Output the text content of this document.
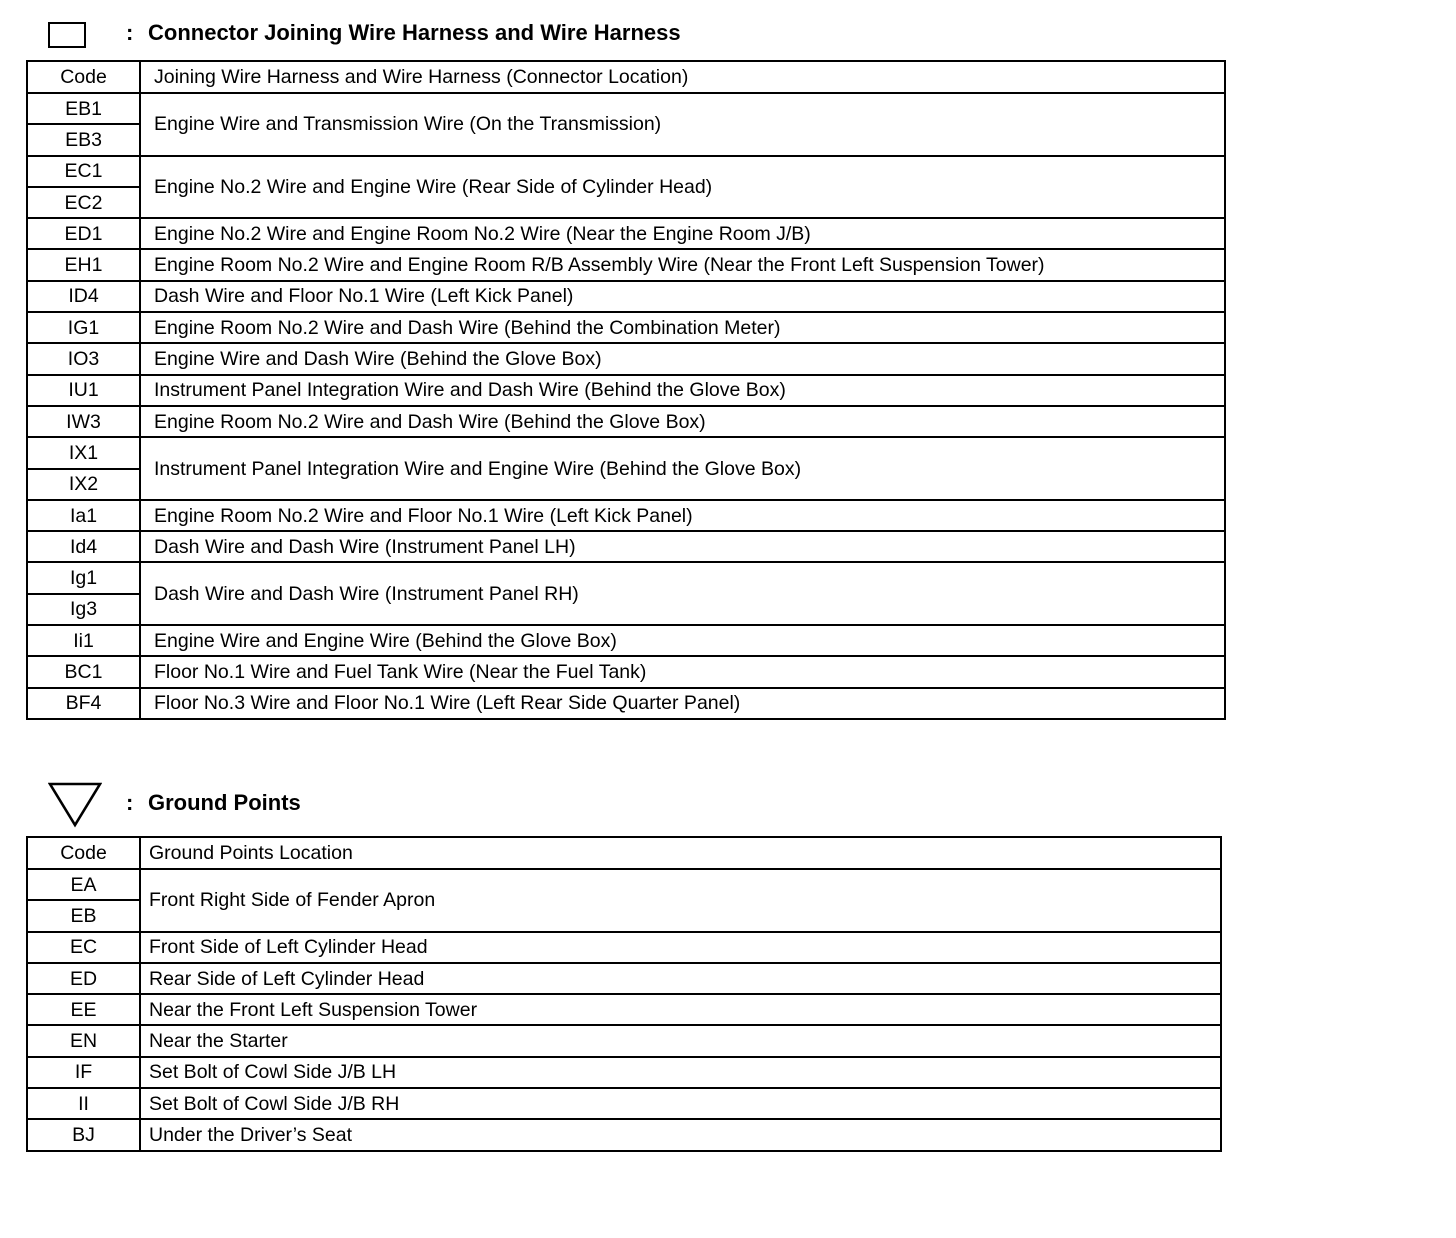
: Connector Joining Wire Harness and Wire Harness
Code	Joining Wire Harness and Wire Harness (Connector Location)
EB1	Engine Wire and Transmission Wire (On the Transmission)
EB3	
EC1	Engine No.2 Wire and Engine Wire (Rear Side of Cylinder Head)
EC2	
ED1	Engine No.2 Wire and Engine Room No.2 Wire (Near the Engine Room J/B)
EH1	Engine Room No.2 Wire and Engine Room R/B Assembly Wire (Near the Front Left Suspension Tower)
ID4	Dash Wire and Floor No.1 Wire (Left Kick Panel)
IG1	Engine Room No.2 Wire and Dash Wire (Behind the Combination Meter)
IO3	Engine Wire and Dash Wire (Behind the Glove Box)
IU1	Instrument Panel Integration Wire and Dash Wire (Behind the Glove Box)
IW3	Engine Room No.2 Wire and Dash Wire (Behind the Glove Box)
IX1	Instrument Panel Integration Wire and Engine Wire (Behind the Glove Box)
IX2	
Ia1	Engine Room No.2 Wire and Floor No.1 Wire (Left Kick Panel)
Id4	Dash Wire and Dash Wire (Instrument Panel LH)
Ig1	Dash Wire and Dash Wire (Instrument Panel RH)
Ig3	
Ii1	Engine Wire and Engine Wire (Behind the Glove Box)
BC1	Floor No.1 Wire and Fuel Tank Wire (Near the Fuel Tank)
BF4	Floor No.3 Wire and Floor No.1 Wire (Left Rear Side Quarter Panel)
: Ground Points
Code	Ground Points Location
EA	Front Right Side of Fender Apron
EB	
EC	Front Side of Left Cylinder Head
ED	Rear Side of Left Cylinder Head
EE	Near the Front Left Suspension Tower
EN	Near the Starter
IF	Set Bolt of Cowl Side J/B LH
II	Set Bolt of Cowl Side J/B RH
BJ	Under the Driver’s Seat
